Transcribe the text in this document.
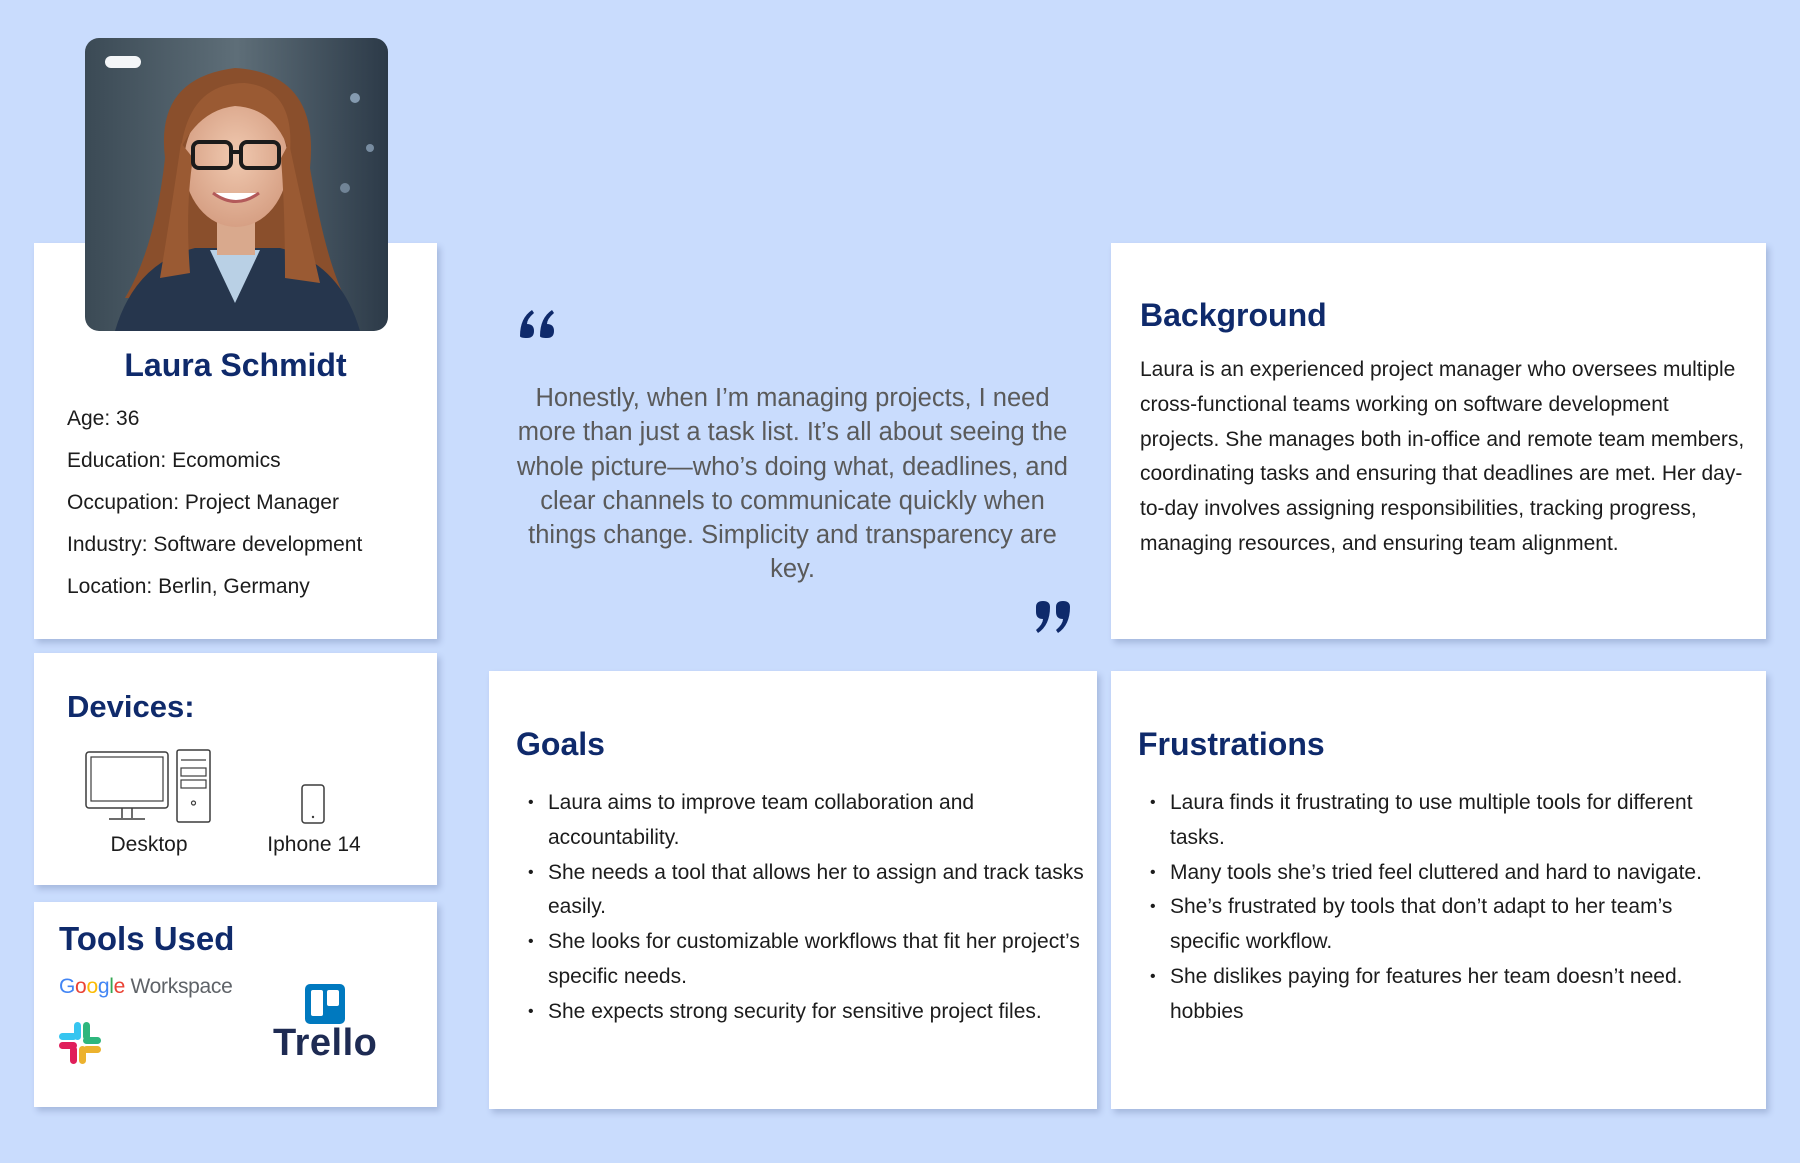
Laura Schmidt
Age: 36
Education: Ecomomics
Occupation: Project Manager
Industry: Software development
Location: Berlin, Germany
Devices:
Desktop	Iphone 14
Tools Used
Google Workspace
Trello
Honestly, when I’m managing projects, I need more than just a task list. It’s all about seeing the whole picture—who’s doing what, deadlines, and clear channels to communicate quickly when things change. Simplicity and transparency are key.
Background
Laura is an experienced project manager who oversees multiple cross-functional teams working on software development projects. She manages both in-office and remote team members, coordinating tasks and ensuring that deadlines are met. Her day-to-day involves assigning responsibilities, tracking progress, managing resources, and ensuring team alignment.
Goals
• Laura aims to improve team collaboration and accountability.
• She needs a tool that allows her to assign and track tasks easily.
• She looks for customizable workflows that fit her project’s specific needs.
• She expects strong security for sensitive project files.
Frustrations
• Laura finds it frustrating to use multiple tools for different tasks.
• Many tools she’s tried feel cluttered and hard to navigate.
• She’s frustrated by tools that don’t adapt to her team’s specific workflow.
• She dislikes paying for features her team doesn’t need. hobbies
